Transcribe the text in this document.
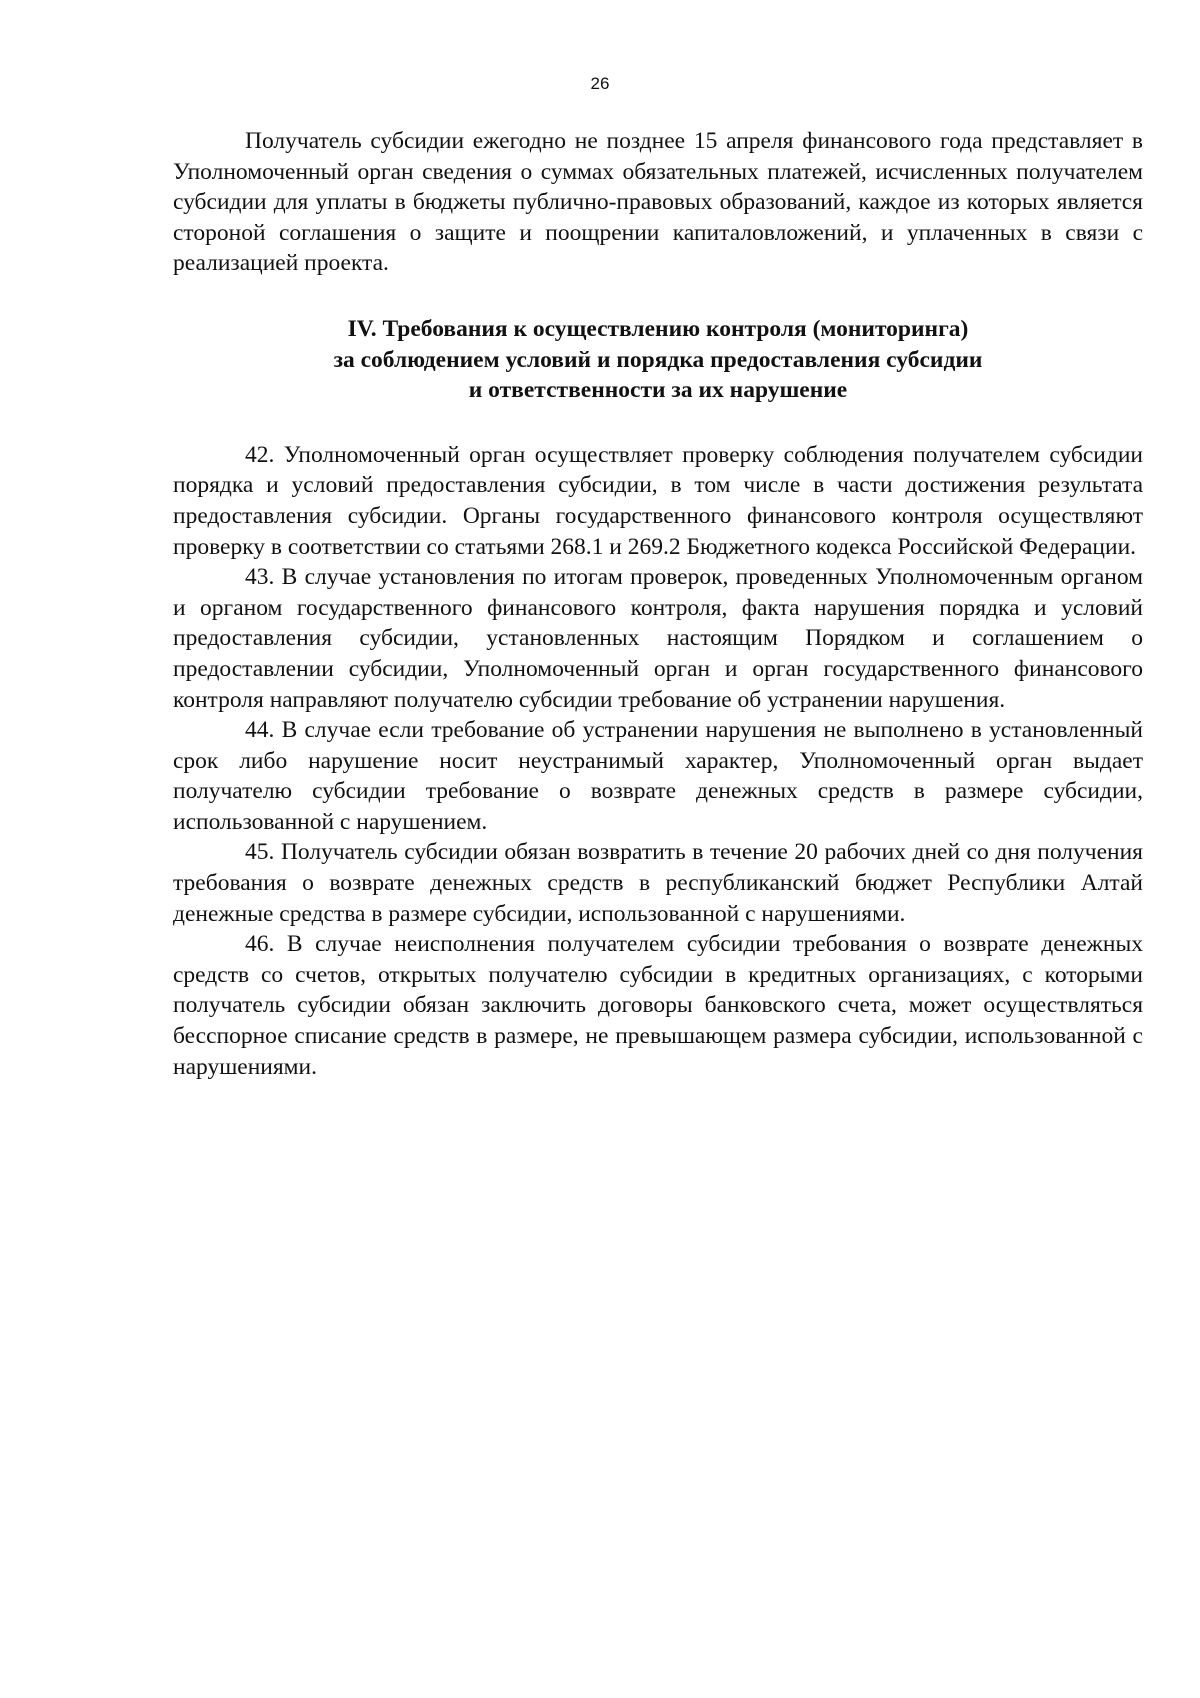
26

Получатель субсидии ежегодно не позднее 15 апреля финансового года представляет в Уполномоченный орган сведения о суммах обязательных платежей, исчисленных получателем субсидии для уплаты в бюджеты публично-правовых образований, каждое из которых является стороной соглашения о защите и поощрении капиталовложений, и уплаченных в связи с реализацией проекта.

IV. Требования к осуществлению контроля (мониторинга)
за соблюдением условий и порядка предоставления субсидии
и ответственности за их нарушение

42. Уполномоченный орган осуществляет проверку соблюдения получателем субсидии порядка и условий предоставления субсидии, в том числе в части достижения результата предоставления субсидии. Органы государственного финансового контроля осуществляют проверку в соответствии со статьями 268.1 и 269.2 Бюджетного кодекса Российской Федерации.

43. В случае установления по итогам проверок, проведенных Уполномоченным органом и органом государственного финансового контроля, факта нарушения порядка и условий предоставления субсидии, установленных настоящим Порядком и соглашением о предоставлении субсидии, Уполномоченный орган и орган государственного финансового контроля направляют получателю субсидии требование об устранении нарушения.

44. В случае если требование об устранении нарушения не выполнено в установленный срок либо нарушение носит неустранимый характер, Уполномоченный орган выдает получателю субсидии требование о возврате денежных средств в размере субсидии, использованной с нарушением.

45. Получатель субсидии обязан возвратить в течение 20 рабочих дней со дня получения требования о возврате денежных средств в республиканский бюджет Республики Алтай денежные средства в размере субсидии, использованной с нарушениями.

46. В случае неисполнения получателем субсидии требования о возврате денежных средств со счетов, открытых получателю субсидии в кредитных организациях, с которыми получатель субсидии обязан заключить договоры банковского счета, может осуществляться бесспорное списание средств в размере, не превышающем размера субсидии, использованной с нарушениями.
